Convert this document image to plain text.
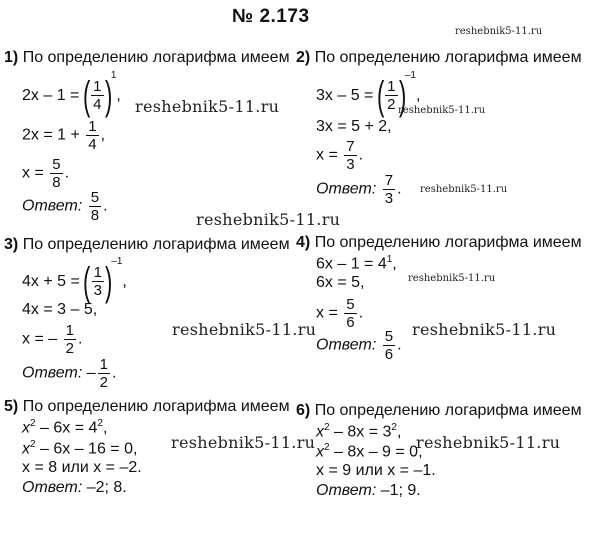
№ 2.173
reshebnik5-11.ru
reshebnik5-11.ru	reshebnik5-11.ru
reshebnik5-11.ru
reshebnik5-11.ru
reshebnik5-11.ru
reshebnik5-11.ru	reshebnik5-11.ru
reshebnik5-11.ru	reshebnik5-11.ru
1) По определению логарифма имеем
2x – 1 = ( $\frac{1}{4} )^1$,
$2x = 1 + \frac{1}{4}$ ,
$x = \frac{5}{8}$ .
Ответ: $\frac{5}{8}$ .
2) По определению логарифма имеем
3x – 5 = ( $\frac{1}{2} )^{-1}$,
3x = 5 + 2,
$x = \frac{7}{3}$ .
Ответ: $\frac{7}{3}$ .
3) По определению логарифма имеем
4x + 5 = ( $\frac{1}{3} )^{-1}$,
4x = 3 – 5,
x = – $\frac{1}{2}$ .
Ответ: – $\frac{1}{2}$ .
4) По определению логарифма имеем
$6x - 1 = 4^1$,
6x = 5,
$x = \frac{5}{6}$ .
Ответ: $\frac{5}{6}$ .
5) По определению логарифма имеем
$x^2 - 6x = 4^2$,
$x^2 - 6x - 16 = 0$,
x = 8 или x = –2.
Ответ: –2; 8.
6) По определению логарифма имеем
$x^2 - 8x = 3^2$,
$x^2 - 8x - 9 = 0$,
x = 9 или x = –1.
Ответ: –1; 9.
